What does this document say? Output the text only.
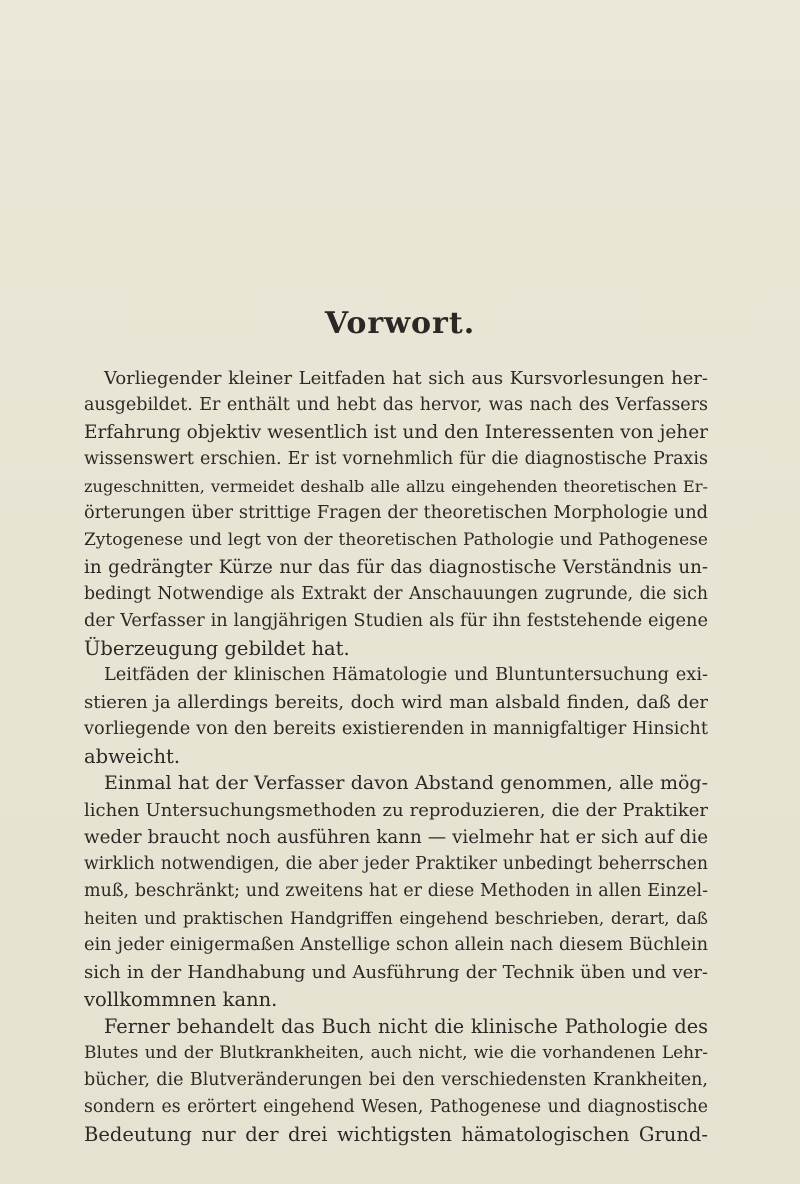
Vorwort.
Vorliegender kleiner Leitfaden hat sich aus Kursvorlesungen her-
ausgebildet. Er enthält und hebt das hervor, was nach des Verfassers
Erfahrung objektiv wesentlich ist und den Interessenten von jeher
wissenswert erschien. Er ist vornehmlich für die diagnostische Praxis
zugeschnitten, vermeidet deshalb alle allzu eingehenden theoretischen Er-
örterungen über strittige Fragen der theoretischen Morphologie und
Zytogenese und legt von der theoretischen Pathologie und Pathogenese
in gedrängter Kürze nur das für das diagnostische Verständnis un-
bedingt Notwendige als Extrakt der Anschauungen zugrunde, die sich
der Verfasser in langjährigen Studien als für ihn feststehende eigene
Überzeugung gebildet hat.
Leitfäden der klinischen Hämatologie und Bluntuntersuchung exi-
stieren ja allerdings bereits, doch wird man alsbald finden, daß der
vorliegende von den bereits existierenden in mannigfaltiger Hinsicht
abweicht.
Einmal hat der Verfasser davon Abstand genommen, alle mög-
lichen Untersuchungsmethoden zu reproduzieren, die der Praktiker
weder braucht noch ausführen kann — vielmehr hat er sich auf die
wirklich notwendigen, die aber jeder Praktiker unbedingt beherrschen
muß, beschränkt; und zweitens hat er diese Methoden in allen Einzel-
heiten und praktischen Handgriffen eingehend beschrieben, derart, daß
ein jeder einigermaßen Anstellige schon allein nach diesem Büchlein
sich in der Handhabung und Ausführung der Technik üben und ver-
vollkommnen kann.
Ferner behandelt das Buch nicht die klinische Pathologie des
Blutes und der Blutkrankheiten, auch nicht, wie die vorhandenen Lehr-
bücher, die Blutveränderungen bei den verschiedensten Krankheiten,
sondern es erörtert eingehend Wesen, Pathogenese und diagnostische
Bedeutung nur der drei wichtigsten hämatologischen Grund-
